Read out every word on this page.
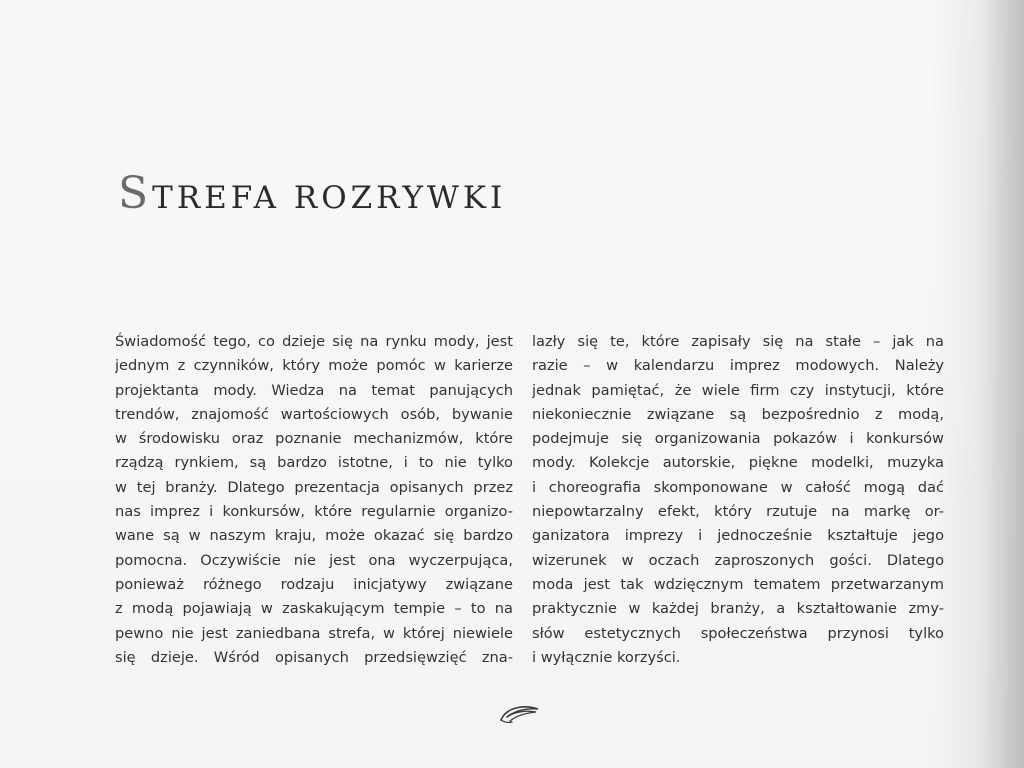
STREFA ROZRYWKI
Świadomość tego, co dzieje się na rynku mody, jest
jednym z czynników, który może pomóc w karierze
projektanta mody. Wiedza na temat panujących
trendów, znajomość wartościowych osób, bywanie
w środowisku oraz poznanie mechanizmów, które
rządzą rynkiem, są bardzo istotne, i to nie tylko
w tej branży. Dlatego prezentacja opisanych przez
nas imprez i konkursów, które regularnie organizo-
wane są w naszym kraju, może okazać się bardzo
pomocna. Oczywiście nie jest ona wyczerpująca,
ponieważ różnego rodzaju inicjatywy związane
z modą pojawiają w zaskakującym tempie – to na
pewno nie jest zaniedbana strefa, w której niewiele
się dzieje. Wśród opisanych przedsięwzięć zna-
lazły się te, które zapisały się na stałe – jak na
razie – w kalendarzu imprez modowych. Należy
jednak pamiętać, że wiele firm czy instytucji, które
niekoniecznie związane są bezpośrednio z modą,
podejmuje się organizowania pokazów i konkursów
mody. Kolekcje autorskie, piękne modelki, muzyka
i choreografia skomponowane w całość mogą dać
niepowtarzalny efekt, który rzutuje na markę or-
ganizatora imprezy i jednocześnie kształtuje jego
wizerunek w oczach zaproszonych gości. Dlatego
moda jest tak wdzięcznym tematem przetwarzanym
praktycznie w każdej branży, a kształtowanie zmy-
słów estetycznych społeczeństwa przynosi tylko
i wyłącznie korzyści.
